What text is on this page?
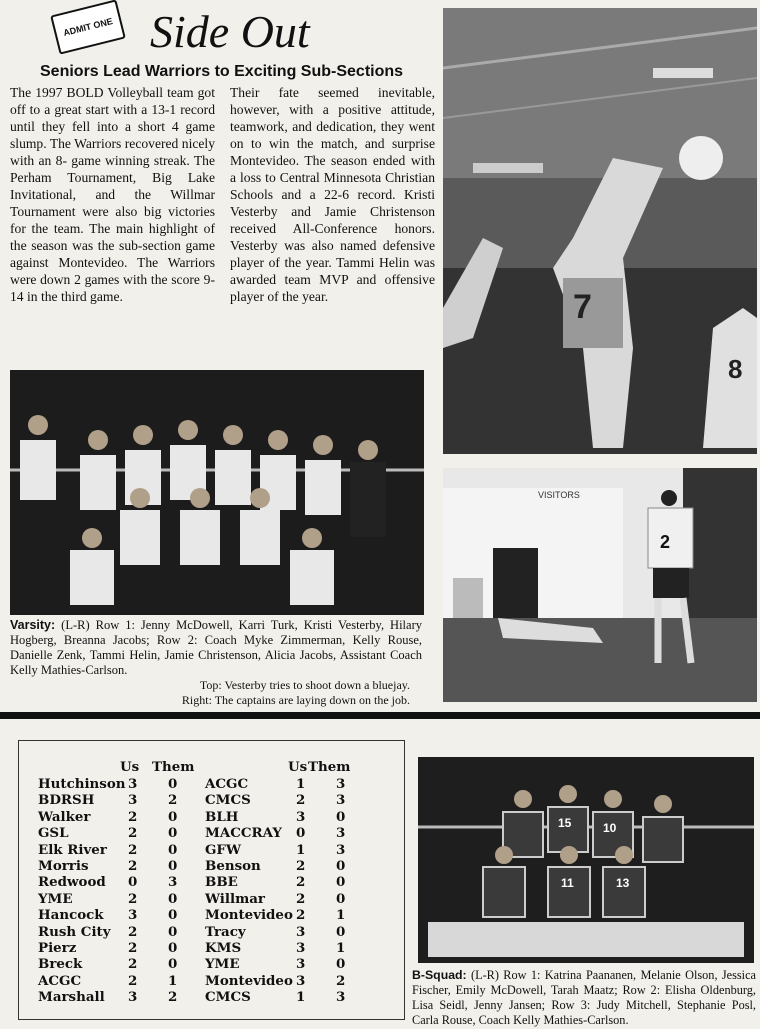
ADMIT ONE Side Out
Seniors Lead Warriors to Exciting Sub-Sections
The 1997 BOLD Volleyball team got off to a great start with a 13-1 record until they fell into a short 4 game slump. The Warriors recovered nicely with an 8- game winning streak. The Perham Tournament, Big Lake Invitational, and the Willmar Tournament were also big victories for the team. The main highlight of the season was the sub-section game against Montevideo. The Warriors were down 2 games with the score 9-14 in the third game.
Their fate seemed inevitable, however, with a positive attitude, teamwork, and dedication, they went on to win the match, and surprise Montevideo. The season ended with a loss to Central Minnesota Christian Schools and a 22-6 record. Kristi Vesterby and Jamie Christenson received All-Conference honors. Vesterby was also named defensive player of the year. Tammi Helin was awarded team MVP and offensive player of the year.	7
8
VISITORS
2
Varsity: (L-R) Row 1: Jenny McDowell, Karri Turk, Kristi Vesterby, Hilary Hogberg, Breanna Jacobs; Row 2: Coach Myke Zimmerman, Kelly Rouse, Danielle Zenk, Tammi Helin, Jamie Christenson, Alicia Jacobs, Assistant Coach Kelly Mathies-Carlson.
Top: Vesterby tries to shoot down a bluejay.
Right: The captains are laying down on the job.
Us Them
Hutchinson 3 0
BDRSH	3 2
Walker	2 0
GSL	2 0
Elk River 2 0
Morris	2 0
Redwood 0 3
YME	2 0
Hancock 3 0
Rush City 2 0
Pierz	2 0
Breck	2 0
ACGC	2 1
Marshall 3 2
Us Them
ACGC	1 3
CMCS	2 3
BLH	3 0
MACCRAY 0 3
GFW	1 3
Benson	2 0
BBE	2 0
Willmar 2 0
Montevideo 2 1
Tracy	3 0
KMS	3 1
YME	3 0
Montevideo 3 2
CMCS	1 3
15	10
11	13
B-Squad: (L-R) Row 1: Katrina Paananen, Melanie Olson, Jessica Fischer, Emily McDowell, Tarah Maatz; Row 2: Elisha Oldenburg, Lisa Seidl, Jenny Jansen; Row 3: Judy Mitchell, Stephanie Posl, Carla Rouse, Coach Kelly Mathies-Carlson.
